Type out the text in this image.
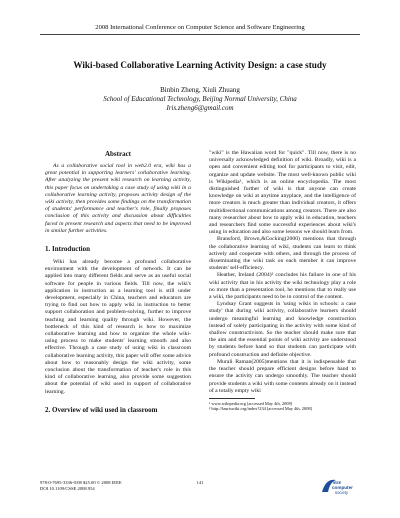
2008 International Conference on Computer Science and Software Engineering
Wiki-based Collaborative Learning Activity Design: a case study
Binbin Zheng, Xiuli Zhuang
School of Educational Technology, Beijing Normal University, China
Iris.zheng6@gmail.com
Abstract

As a collaborative social tool in web2.0 era, wiki has a great potential in supporting learners' collaborative learning. After analyzing the present wiki research on learning activity, this paper focus on undertaking a case study of using wiki in a collaborative learning activity, proposes activity design of the wiki activity, then provides some findings on the transformation of students' performance and teacher's role, finally proposes conclusion of this activity and discussion about difficulties faced in present research and aspects that need to be improved in similar further activities.

1. Introduction

Wiki has already become a profound collaborative environment with the development of network. It can be applied into many different fields and serve as an useful social software for people in various fields. Till now, the wiki's application in instruction as a learning tool is still under development, especially in China, teachers and educators are trying to find out how to apply wiki in instruction to better support collaboration and problem-solving, further to improve teaching and learning quality through wiki. However, the bottleneck of this kind of research is how to maximize collaborative learning and how to organize the whole wiki-using process to make students' learning smooth and also effective. Through a case study of using wiki in classroom collaborative learning activity, this paper will offer some advice about how to reasonably design the wiki activity, some conclusion about the transformation of teacher's role in this kind of collaborative learning, also provide some suggestion about the potential of wiki used in support of collaborative learning.

2. Overview of wiki used in classroom

"wiki" is the Hawaiian word for "quick". Till now, there is no universally acknowledged definition of wiki. Broadly, wiki is a open and convenient editing tool for participants to visit, edit, organize and update website. The most well-known public wiki is Wikipedia¹, which is an online encyclopedia. The most distinguished further of wiki is that anyone can create knowledge on wiki at anytime anyplace, and the intelligence of more creators is much greater than individual creators, it offers multidirectional communications among creators. There are also many researcher about how to apply wiki in education, teachers and researchers find some successful experiences about wiki's using in education and also some lessons we should learn from.

Bransford, Brown,&Cocking(2000) mentions that through the collaborative learning of wiki, students can learn to think actively and cooperate with others, and through the process of disseminating the wiki task on each member it can improve students' self-efficiency.

Heather, Ireland (2004)² concludes his failure in one of his wiki activity that in his activity the wiki technology play a role no more than a presentation tool, he mentions that to really use a wiki, the participants need to be in control of the content.

Lyndsay Grant suggests in 'using wikis in schools: a case study' that during wiki activity, collaborative learners should undergo meaningful learning and knowledge construction instead of solely participating in the activity with some kind of shallow constructivism. So the teacher should make sure that the aim and the essential points of wiki activity are understood by students before hand so that students can participate with profound construction and definite objective.

Murali Raman(2005)mentions that it is indispensable that the teacher should prepare efficient designs before hand to ensure the activity can undergo smoothly. The teacher should provide students a wiki with some contents already on it instead of a totally empty wiki

¹ www.wikipedia.org [accessed May 4th, 2008]

² http://lauriswiki.org/index?234 [accessed May 4th, 2008]

978-0-7695-3336-0/08 $25.00 © 2008 IEEE
DOI 10.1109/CSSE.2008.954
141	IEEE
computer
society
